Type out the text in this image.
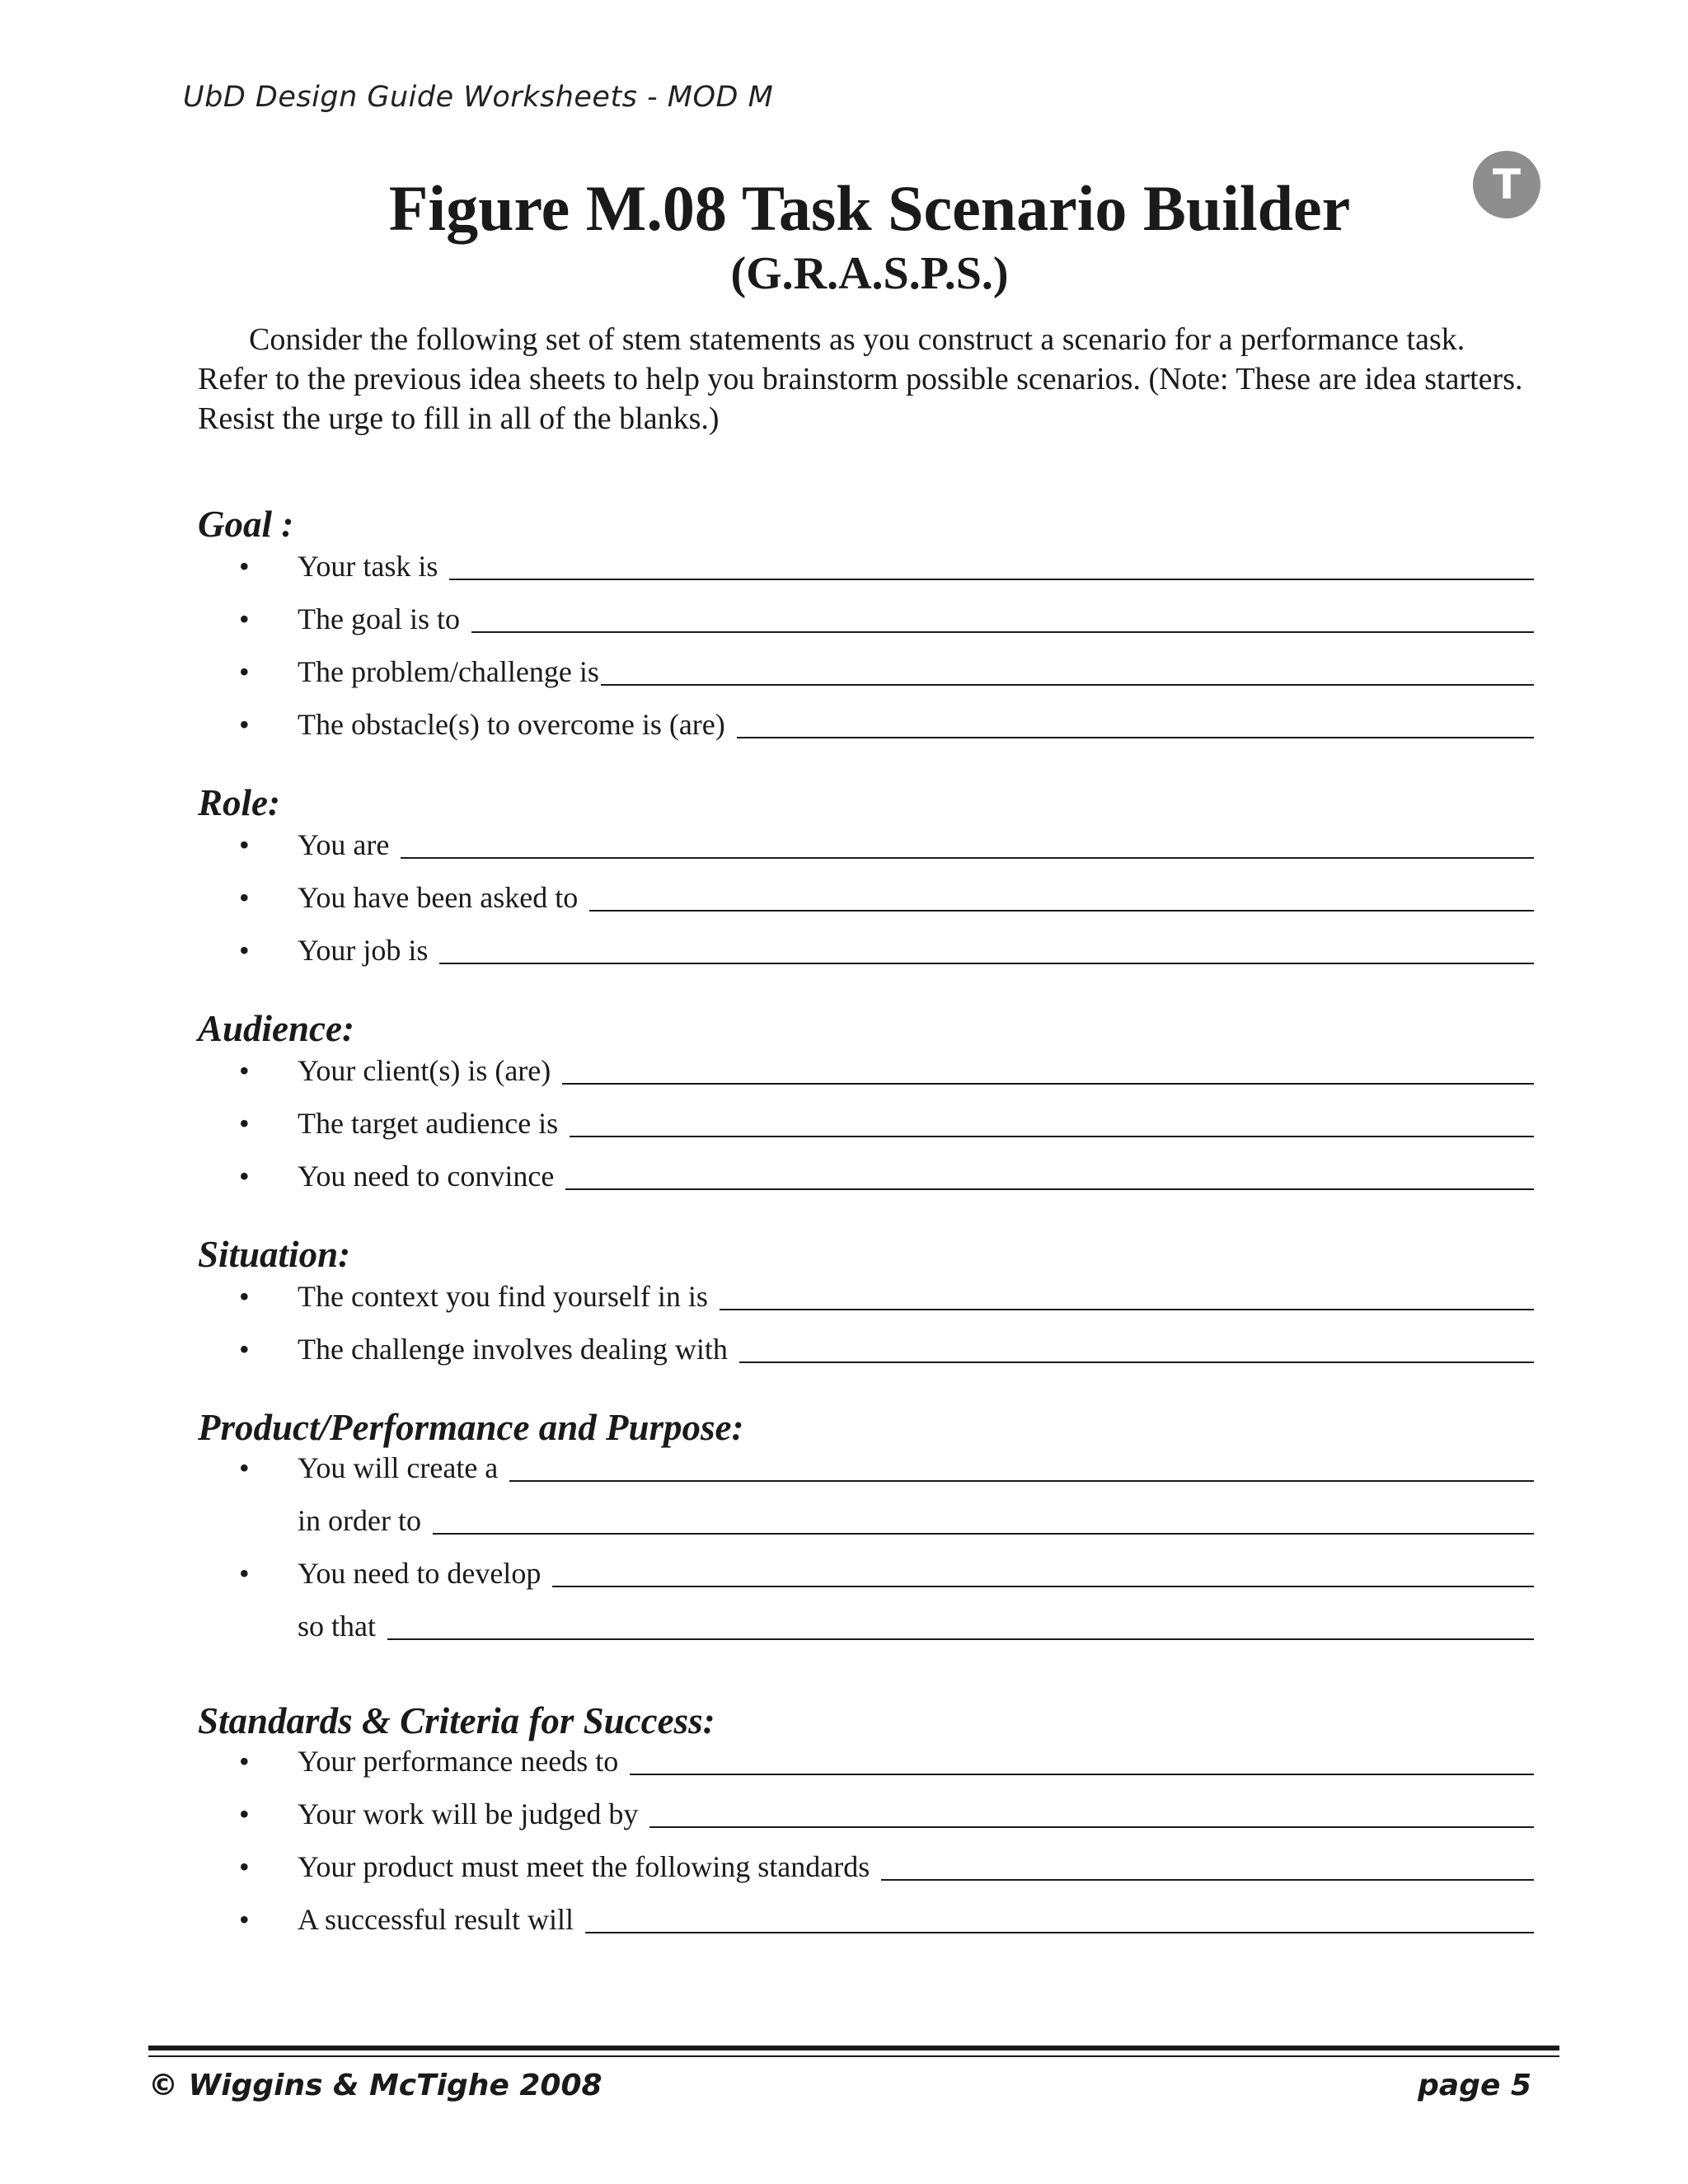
UbD Design Guide Worksheets - MOD M
T
Figure M.08 Task Scenario Builder
(G.R.A.S.P.S.)

Consider the following set of stem statements as you construct a scenario for a performance task. Refer to the previous idea sheets to help you brainstorm possible scenarios. (Note: These are idea starters. Resist the urge to fill in all of the blanks.)

Goal :
• Your task is
• The goal is to
• The problem/challenge is
• The obstacle(s) to overcome is (are)
Role:
• You are
• You have been asked to
• Your job is
Audience:
• Your client(s) is (are)
• The target audience is
• You need to convince
Situation:
• The context you find yourself in is
• The challenge involves dealing with
Product/Performance and Purpose:
• You will create a
in order to
• You need to develop
so that
Standards & Criteria for Success:
• Your performance needs to
• Your work will be judged by
• Your product must meet the following standards
• A successful result will
© Wiggins & McTighe 2008	page 5
